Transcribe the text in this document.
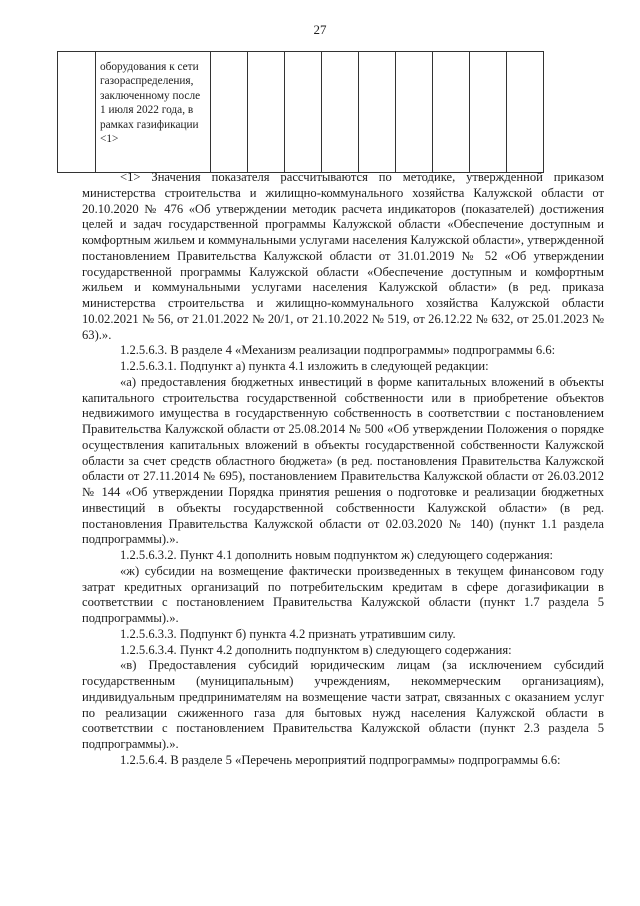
27
	оборудования к сети газораспределения, заключенному после 1 июля 2022 года, в рамках газификации <1>									

<1> Значения показателя рассчитываются по методике, утвержденной приказом министерства строительства и жилищно-коммунального хозяйства Калужской области от 20.10.2020 № 476 «Об утверждении методик расчета индикаторов (показателей) достижения целей и задач государственной программы Калужской области «Обеспечение доступным и комфортным жильем и коммунальными услугами населения Калужской области», утвержденной постановлением Правительства Калужской области от 31.01.2019 № 52 «Об утверждении государственной программы Калужской области «Обеспечение доступным и комфортным жильем и коммунальными услугами населения Калужской области» (в ред. приказа министерства строительства и жилищно-коммунального хозяйства Калужской области 10.02.2021 № 56, от 21.01.2022 № 20/1, от 21.10.2022 № 519, от 26.12.22 № 632, от 25.01.2023 № 63).».

1.2.5.6.3. В разделе 4 «Механизм реализации подпрограммы» подпрограммы 6.6:

1.2.5.6.3.1. Подпункт а) пункта 4.1 изложить в следующей редакции:

«а) предоставления бюджетных инвестиций в форме капитальных вложений в объекты капитального строительства государственной собственности или в приобретение объектов недвижимого имущества в государственную собственность в соответствии с постановлением Правительства Калужской области от 25.08.2014 № 500 «Об утверждении Положения о порядке осуществления капитальных вложений в объекты государственной собственности Калужской области за счет средств областного бюджета» (в ред. постановления Правительства Калужской области от 27.11.2014 № 695), постановлением Правительства Калужской области от 26.03.2012 № 144 «Об утверждении Порядка принятия решения о подготовке и реализации бюджетных инвестиций в объекты государственной собственности Калужской области» (в ред. постановления Правительства Калужской области от 02.03.2020 № 140) (пункт 1.1 раздела подпрограммы).».

1.2.5.6.3.2. Пункт 4.1 дополнить новым подпунктом ж) следующего содержания:

«ж) субсидии на возмещение фактически произведенных в текущем финансовом году затрат кредитных организаций по потребительским кредитам в сфере догазификации в соответствии с постановлением Правительства Калужской области (пункт 1.7 раздела 5 подпрограммы).».

1.2.5.6.3.3. Подпункт б) пункта 4.2 признать утратившим силу.

1.2.5.6.3.4. Пункт 4.2 дополнить подпунктом в) следующего содержания:

«в) Предоставления субсидий юридическим лицам (за исключением субсидий государственным (муниципальным) учреждениям, некоммерческим организациям), индивидуальным предпринимателям на возмещение части затрат, связанных с оказанием услуг по реализации сжиженного газа для бытовых нужд населения Калужской области в соответствии с постановлением Правительства Калужской области (пункт 2.3 раздела 5 подпрограммы).».

1.2.5.6.4. В разделе 5 «Перечень мероприятий подпрограммы» подпрограммы 6.6:
